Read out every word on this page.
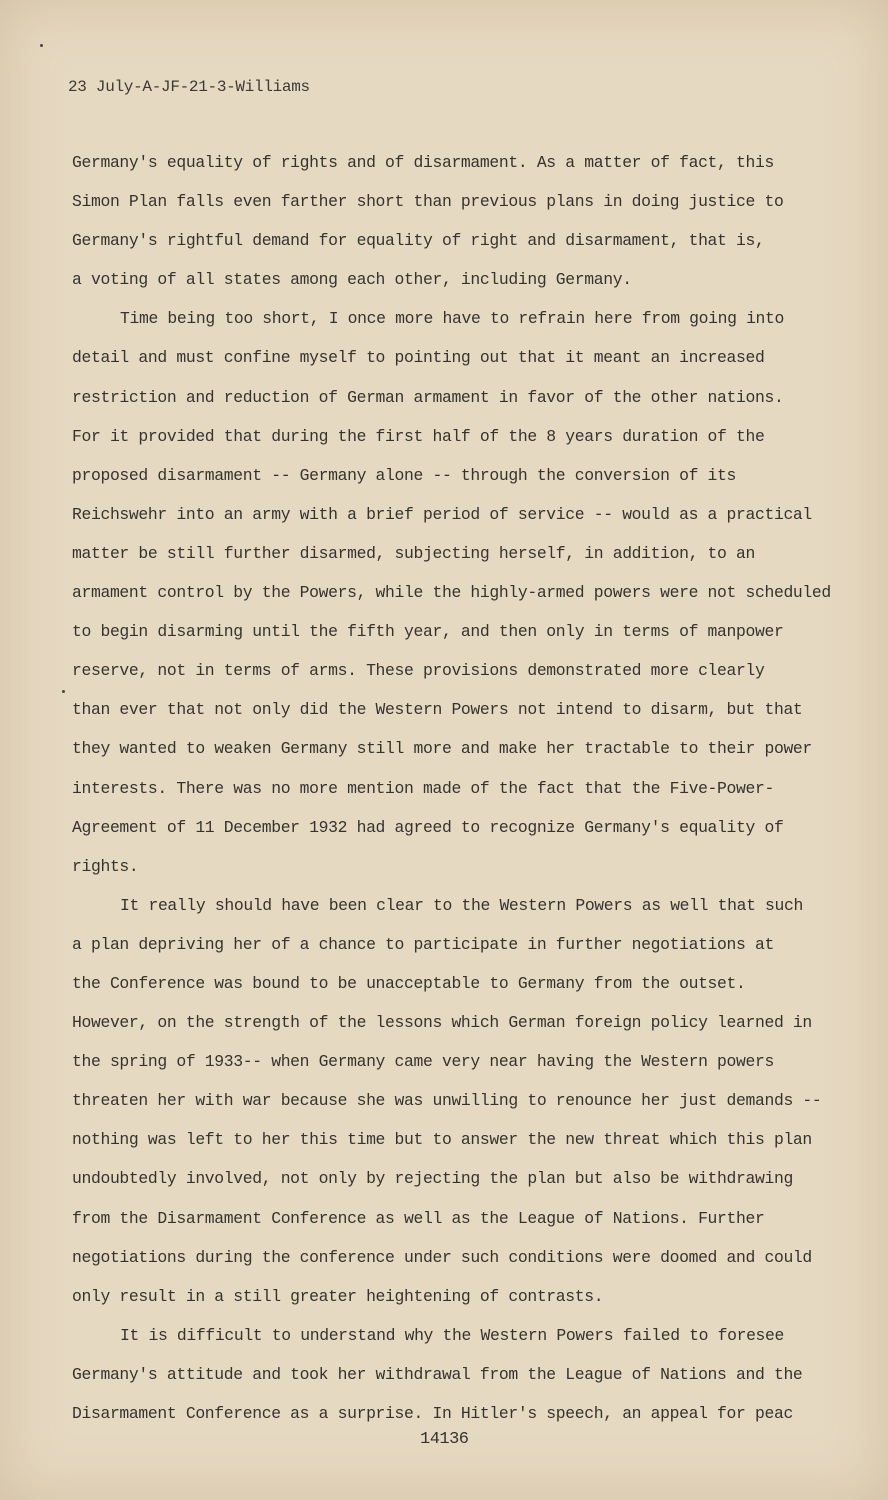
23 July-A-JF-21-3-Williams
Germany's equality of rights and of disarmament. As a matter of fact, this
Simon Plan falls even farther short than previous plans in doing justice to
Germany's rightful demand for equality of right and disarmament, that is,
a voting of all states among each other, including Germany.
Time being too short, I once more have to refrain here from going into
detail and must confine myself to pointing out that it meant an increased
restriction and reduction of German armament in favor of the other nations.
For it provided that during the first half of the 8 years duration of the
proposed disarmament -- Germany alone -- through the conversion of its
Reichswehr into an army with a brief period of service -- would as a practical
matter be still further disarmed, subjecting herself, in addition, to an
armament control by the Powers, while the highly-armed powers were not scheduled
to begin disarming until the fifth year, and then only in terms of manpower
reserve, not in terms of arms. These provisions demonstrated more clearly
than ever that not only did the Western Powers not intend to disarm, but that
they wanted to weaken Germany still more and make her tractable to their power
interests. There was no more mention made of the fact that the Five-Power-
Agreement of 11 December 1932 had agreed to recognize Germany's equality of
rights.
It really should have been clear to the Western Powers as well that such
a plan depriving her of a chance to participate in further negotiations at
the Conference was bound to be unacceptable to Germany from the outset.
However, on the strength of the lessons which German foreign policy learned in
the spring of 1933-- when Germany came very near having the Western powers
threaten her with war because she was unwilling to renounce her just demands --
nothing was left to her this time but to answer the new threat which this plan
undoubtedly involved, not only by rejecting the plan but also be withdrawing
from the Disarmament Conference as well as the League of Nations. Further
negotiations during the conference under such conditions were doomed and could
only result in a still greater heightening of contrasts.
It is difficult to understand why the Western Powers failed to foresee
Germany's attitude and took her withdrawal from the League of Nations and the
Disarmament Conference as a surprise. In Hitler's speech, an appeal for peac
14136
